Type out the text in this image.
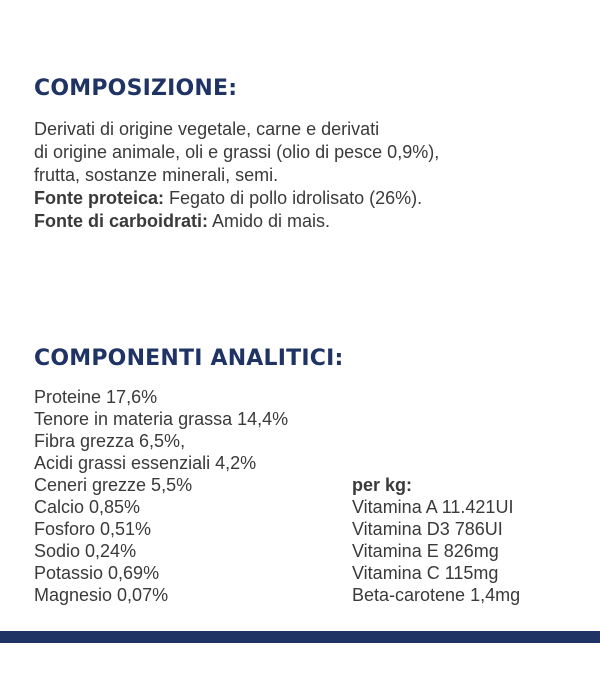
COMPOSIZIONE:
Derivati di origine vegetale, carne e derivati
di origine animale, oli e grassi (olio di pesce 0,9%),
frutta, sostanze minerali, semi.
Fonte proteica: Fegato di pollo idrolisato (26%).
Fonte di carboidrati: Amido di mais.
COMPONENTI ANALITICI:
Proteine 17,6%
Tenore in materia grassa 14,4%
Fibra grezza 6,5%,
Acidi grassi essenziali 4,2%
Ceneri grezze 5,5%
Calcio 0,85%
Fosforo 0,51%
Sodio 0,24%
Potassio 0,69%
Magnesio 0,07%
per kg:
Vitamina A 11.421UI
Vitamina D3 786UI
Vitamina E 826mg
Vitamina C 115mg
Beta-carotene 1,4mg
